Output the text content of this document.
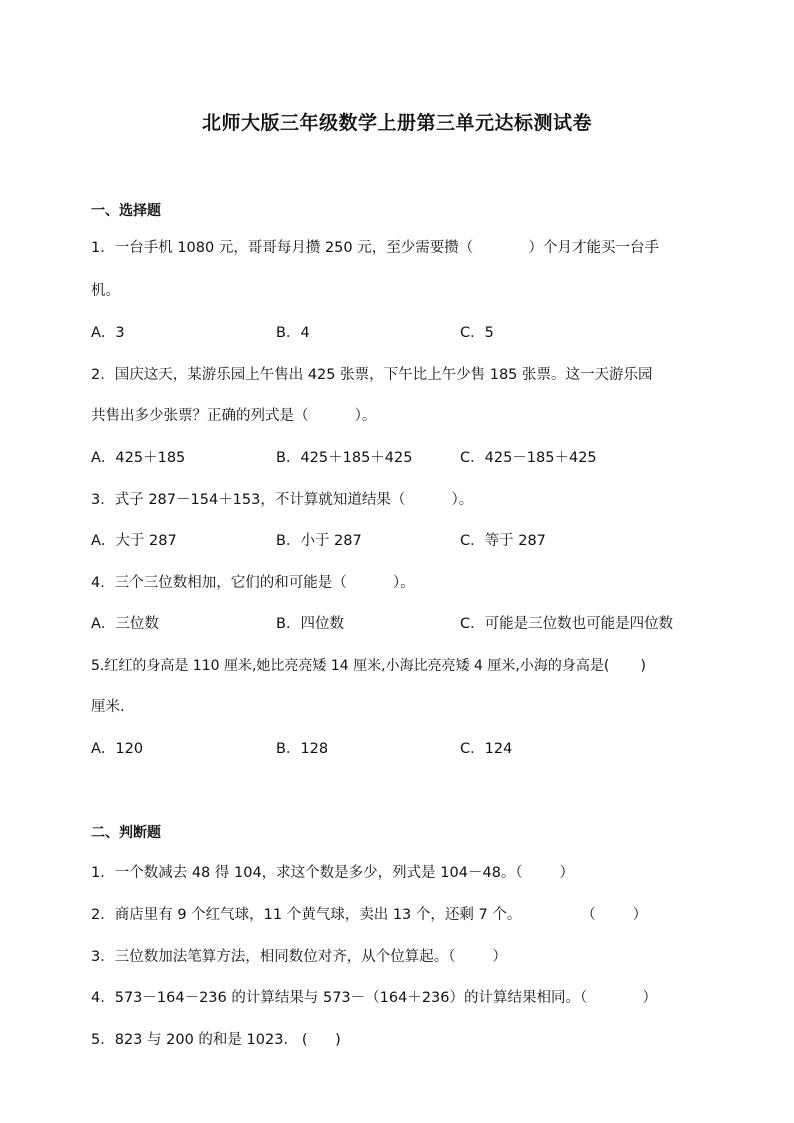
北师大版三年级数学上册第三单元达标测试卷
一、选择题
1．一台手机 1080 元，哥哥每月攒 250 元，至少需要攒（            ）个月才能买一台手
机。
A．3	B．4	C．5
2．国庆这天，某游乐园上午售出 425 张票，下午比上午少售 185 张票。这一天游乐园
共售出多少张票？正确的列式是（          ）。
A．425＋185	B．425＋185＋425	C．425－185＋425
3．式子 287－154＋153，不计算就知道结果（          ）。
A．大于 287	B．小于 287	C．等于 287
4．三个三位数相加，它们的和可能是（          ）。
A．三位数	B．四位数	C．可能是三位数也可能是四位数
5.红红的身高是 110 厘米,她比亮亮矮 14 厘米,小海比亮亮矮 4 厘米,小海的身高是(       )
厘米．
A．120	B．128	C．124
二、判断题
1．一个数减去 48 得 104，求这个数是多少，列式是 104－48。（        ）
2．商店里有 9 个红气球，11 个黄气球，卖出 13 个，还剩 7 个。             （        ）
3．三位数加法笔算方法，相同数位对齐，从个位算起。（        ）
4．573－164－236 的计算结果与 573－（164＋236）的计算结果相同。（            ）
5．823 与 200 的和是 1023.   (      )
